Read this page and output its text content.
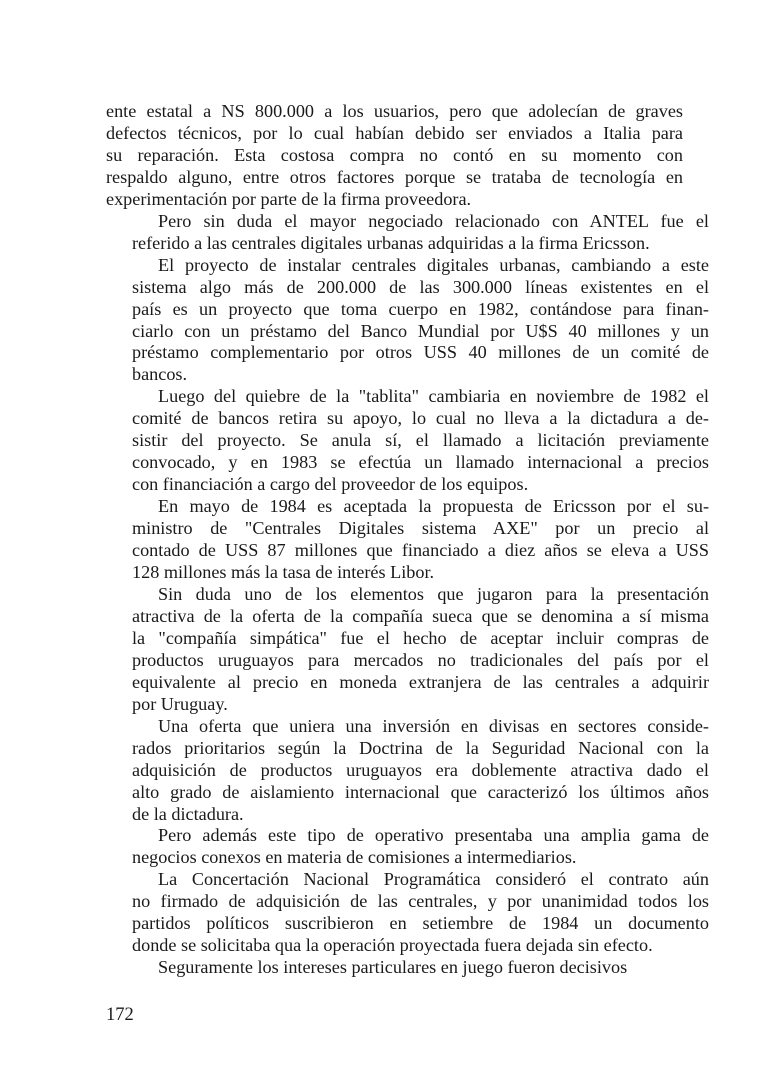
ente estatal a NS 800.000 a los usuarios, pero que adolecían de graves
defectos técnicos, por lo cual habían debido ser enviados a Italia para
su reparación. Esta costosa compra no contó en su momento con
respaldo alguno, entre otros factores porque se trataba de tecnología en
experimentación por parte de la firma proveedora.

Pero sin duda el mayor negociado relacionado con ANTEL fue el
referido a las centrales digitales urbanas adquiridas a la firma Ericsson.

El proyecto de instalar centrales digitales urbanas, cambiando a este
sistema algo más de 200.000 de las 300.000 líneas existentes en el
país es un proyecto que toma cuerpo en 1982, contándose para finan-
ciarlo con un préstamo del Banco Mundial por U$S 40 millones y un
préstamo complementario por otros USS 40 millones de un comité de
bancos.

Luego del quiebre de la "tablita" cambiaria en noviembre de 1982 el
comité de bancos retira su apoyo, lo cual no lleva a la dictadura a de-
sistir del proyecto. Se anula sí, el llamado a licitación previamente
convocado, y en 1983 se efectúa un llamado internacional a precios
con financiación a cargo del proveedor de los equipos.

En mayo de 1984 es aceptada la propuesta de Ericsson por el su-
ministro de "Centrales Digitales sistema AXE" por un precio al
contado de USS 87 millones que financiado a diez años se eleva a USS
128 millones más la tasa de interés Libor.

Sin duda uno de los elementos que jugaron para la presentación
atractiva de la oferta de la compañía sueca que se denomina a sí misma
la "compañía simpática" fue el hecho de aceptar incluir compras de
productos uruguayos para mercados no tradicionales del país por el
equivalente al precio en moneda extranjera de las centrales a adquirir
por Uruguay.

Una oferta que uniera una inversión en divisas en sectores conside-
rados prioritarios según la Doctrina de la Seguridad Nacional con la
adquisición de productos uruguayos era doblemente atractiva dado el
alto grado de aislamiento internacional que caracterizó los últimos años
de la dictadura.

Pero además este tipo de operativo presentaba una amplia gama de
negocios conexos en materia de comisiones a intermediarios.

La Concertación Nacional Programática consideró el contrato aún
no firmado de adquisición de las centrales, y por unanimidad todos los
partidos políticos suscribieron en setiembre de 1984 un documento
donde se solicitaba qua la operación proyectada fuera dejada sin efecto.

Seguramente los intereses particulares en juego fueron decisivos

172
